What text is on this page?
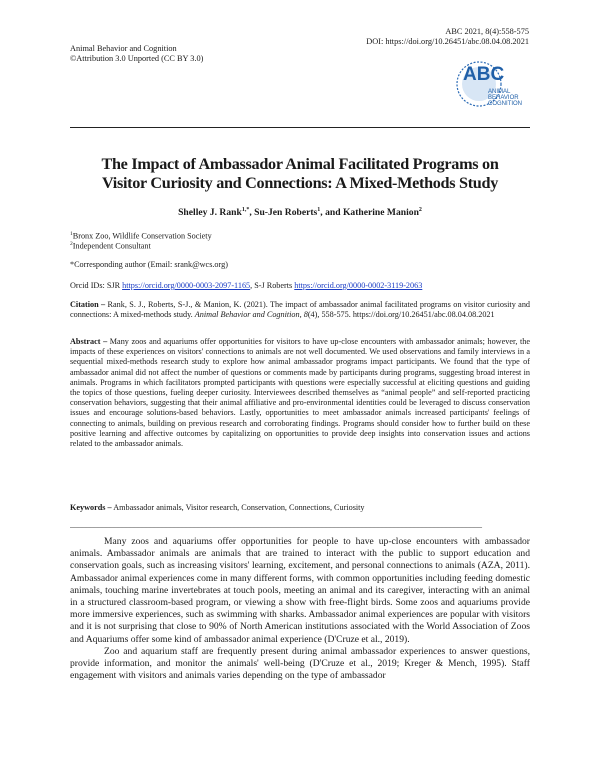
Animal Behavior and Cognition
©Attribution 3.0 Unported (CC BY 3.0)
ABC 2021, 8(4):558-575
DOI: https://doi.org/10.26451/abc.08.04.08.2021
ABC
ANIMAL
BEHAVIOR
COGNITION
The Impact of Ambassador Animal Facilitated Programs on
Visitor Curiosity and Connections: A Mixed-Methods Study
Shelley J. Rank$^{1,*}$, Su-Jen Roberts$^1$, and Katherine Manion$^2$
$^1$Bronx Zoo, Wildlife Conservation Society
$^2$Independent Consultant
*Corresponding author (Email: srank@wcs.org)
Orcid IDs: SJR https://orcid.org/0000-0003-2097-1165, S-J Roberts https://orcid.org/0000-0002-3119-2063
Citation – Rank, S. J., Roberts, S-J., & Manion, K. (2021). The impact of ambassador animal facilitated programs on visitor curiosity and connections: A mixed-methods study. Animal Behavior and Cognition, 8(4), 558-575. https://doi.org/10.26451/abc.08.04.08.2021
Abstract – Many zoos and aquariums offer opportunities for visitors to have up-close encounters with ambassador animals; however, the impacts of these experiences on visitors' connections to animals are not well documented. We used observations and family interviews in a sequential mixed-methods research study to explore how animal ambassador programs impact participants. We found that the type of ambassador animal did not affect the number of questions or comments made by participants during programs, suggesting broad interest in animals. Programs in which facilitators prompted participants with questions were especially successful at eliciting questions and guiding the topics of those questions, fueling deeper curiosity. Interviewees described themselves as “animal people” and self-reported practicing conservation behaviors, suggesting that their animal affiliative and pro-environmental identities could be leveraged to discuss conservation issues and encourage solutions-based behaviors. Lastly, opportunities to meet ambassador animals increased participants' feelings of connecting to animals, building on previous research and corroborating findings. Programs should consider how to further build on these positive learning and affective outcomes by capitalizing on opportunities to provide deep insights into conservation issues and actions related to the ambassador animals.
Keywords – Ambassador animals, Visitor research, Conservation, Connections, Curiosity
_______________________________________________________________________________________________________

Many zoos and aquariums offer opportunities for people to have up-close encounters with ambassador animals. Ambassador animals are animals that are trained to interact with the public to support education and conservation goals, such as increasing visitors' learning, excitement, and personal connections to animals (AZA, 2011). Ambassador animal experiences come in many different forms, with common opportunities including feeding domestic animals, touching marine invertebrates at touch pools, meeting an animal and its caregiver, interacting with an animal in a structured classroom-based program, or viewing a show with free-flight birds. Some zoos and aquariums provide more immersive experiences, such as swimming with sharks. Ambassador animal experiences are popular with visitors and it is not surprising that close to 90% of North American institutions associated with the World Association of Zoos and Aquariums offer some kind of ambassador animal experience (D'Cruze et al., 2019).

Zoo and aquarium staff are frequently present during animal ambassador experiences to answer questions, provide information, and monitor the animals' well-being (D'Cruze et al., 2019; Kreger & Mench, 1995). Staff engagement with visitors and animals varies depending on the type of ambassador
